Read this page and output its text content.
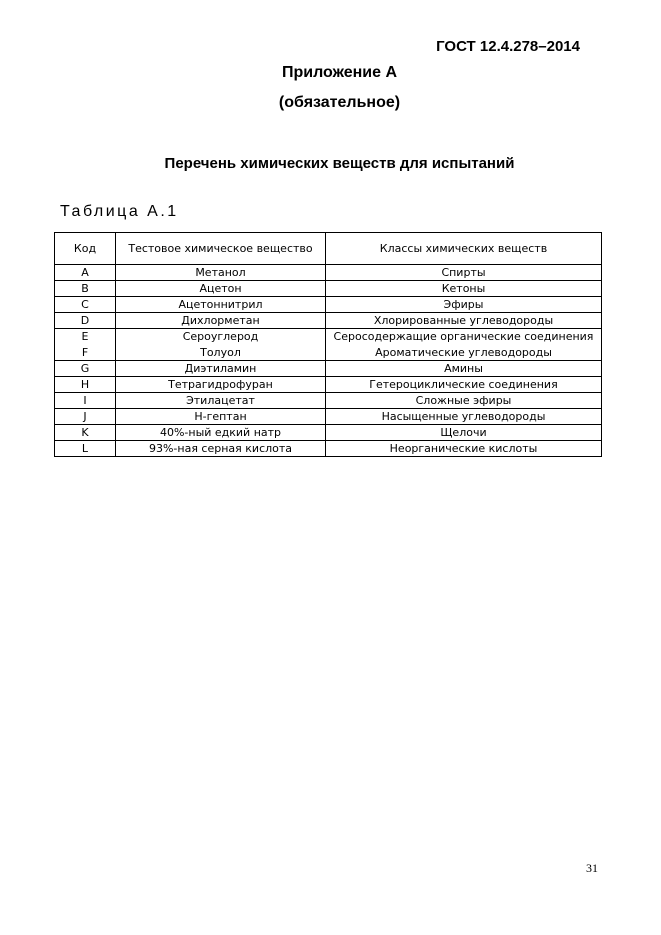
ГОСТ 12.4.278–2014
Приложение А
(обязательное)
Перечень химических веществ для испытаний
Таблица А.1
Код	Тестовое химическое вещество	Классы химических веществ
A	Метанол	Спирты
B	Ацетон	Кетоны
C	Ацетоннитрил	Эфиры
D	Дихлорметан	Хлорированные углеводороды
E	Сероуглерод	Серосодержащие органические соединения
F	Толуол	Ароматические углеводороды
G	Диэтиламин	Амины
H	Тетрагидрофуран	Гетероциклические соединения
I	Этилацетат	Сложные эфиры
J	Н-гептан	Насыщенные углеводороды
K	40%-ный едкий натр	Щелочи
L	93%-ная серная кислота	Неорганические кислоты
31
